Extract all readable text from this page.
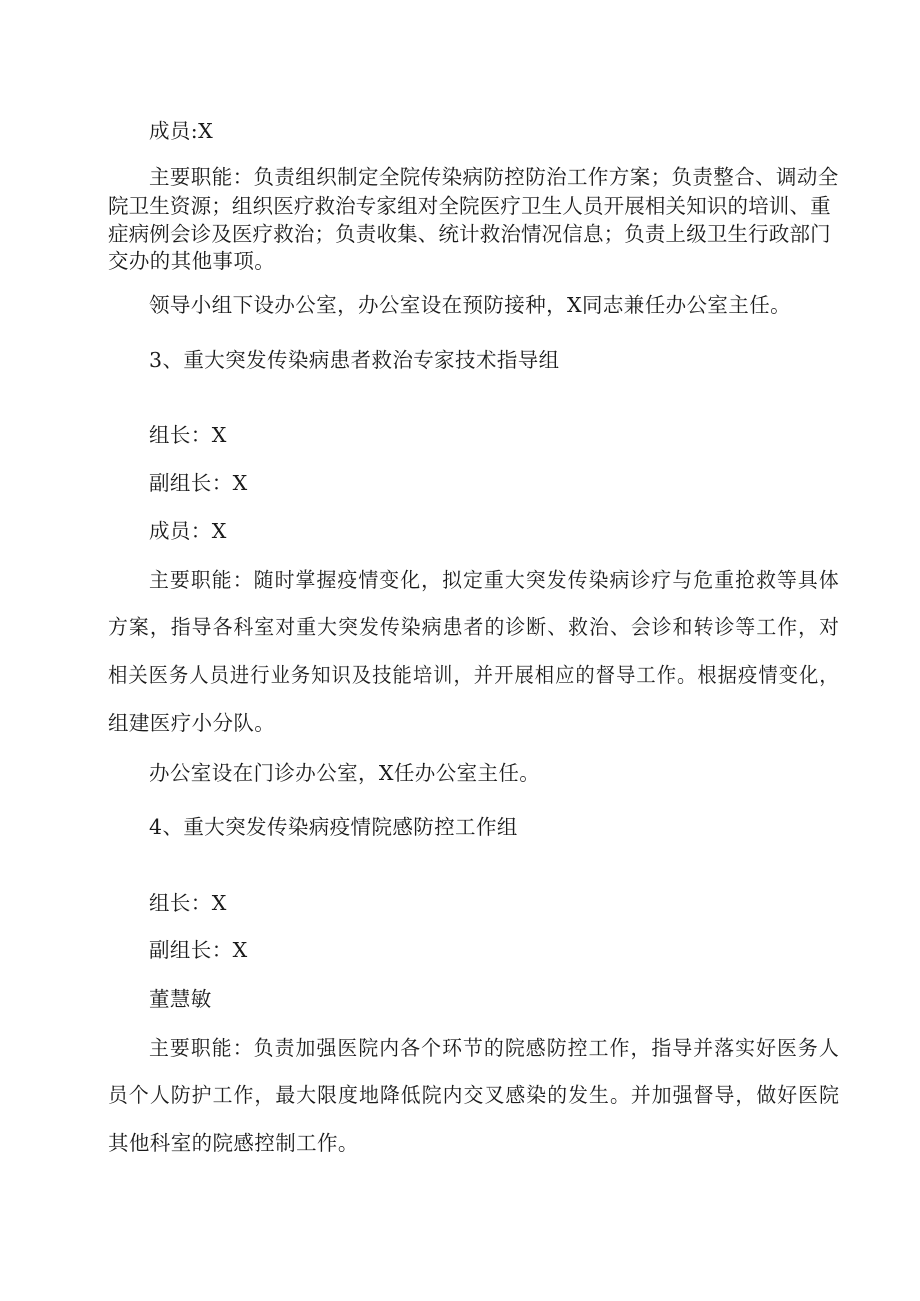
成员:X
主要职能：负责组织制定全院传染病防控防治工作方案；负责整合、调动全
院卫生资源；组织医疗救治专家组对全院医疗卫生人员开展相关知识的培训、重
症病例会诊及医疗救治；负责收集、统计救治情况信息；负责上级卫生行政部门
交办的其他事项。
领导小组下设办公室，办公室设在预防接种，X同志兼任办公室主任。
3、重大突发传染病患者救治专家技术指导组
组长：X
副组长：X
成员：X
主要职能：随时掌握疫情变化，拟定重大突发传染病诊疗与危重抢救等具体
方案，指导各科室对重大突发传染病患者的诊断、救治、会诊和转诊等工作，对
相关医务人员进行业务知识及技能培训，并开展相应的督导工作。根据疫情变化，
组建医疗小分队。
办公室设在门诊办公室，X任办公室主任。
4、重大突发传染病疫情院感防控工作组
组长：X
副组长：X
董慧敏
主要职能：负责加强医院内各个环节的院感防控工作，指导并落实好医务人
员个人防护工作，最大限度地降低院内交叉感染的发生。并加强督导，做好医院
其他科室的院感控制工作。
